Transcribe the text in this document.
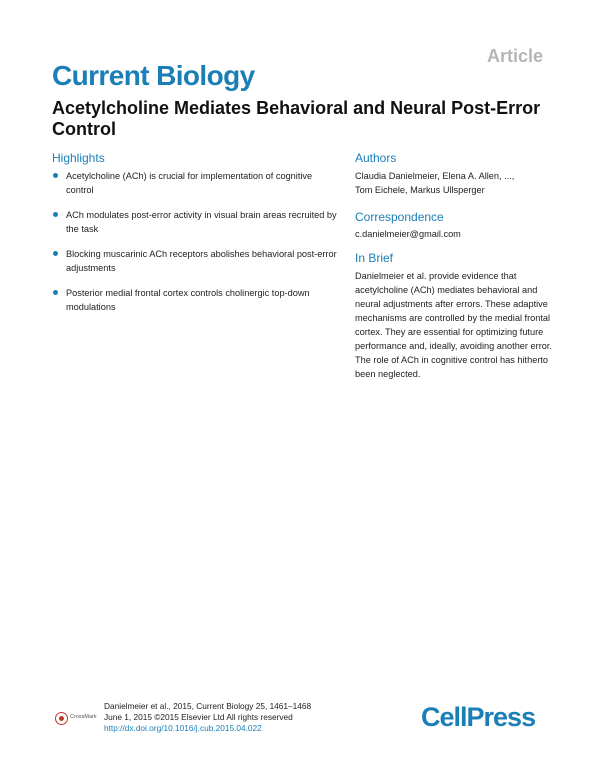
Article
Current Biology
Acetylcholine Mediates Behavioral and Neural Post-Error Control
Highlights
Acetylcholine (ACh) is crucial for implementation of cognitive control
ACh modulates post-error activity in visual brain areas recruited by the task
Blocking muscarinic ACh receptors abolishes behavioral post-error adjustments
Posterior medial frontal cortex controls cholinergic top-down modulations
Authors
Claudia Danielmeier, Elena A. Allen, ...,
Tom Eichele, Markus Ullsperger
Correspondence
c.danielmeier@gmail.com
In Brief
Danielmeier et al. provide evidence that acetylcholine (ACh) mediates behavioral and neural adjustments after errors. These adaptive mechanisms are controlled by the medial frontal cortex. They are essential for optimizing future performance and, ideally, avoiding another error. The role of ACh in cognitive control has hitherto been neglected.
CrossMark
Danielmeier et al., 2015, Current Biology 25, 1461–1468
June 1, 2015 ©2015 Elsevier Ltd All rights reserved
http://dx.doi.org/10.1016/j.cub.2015.04.022	CellPress
